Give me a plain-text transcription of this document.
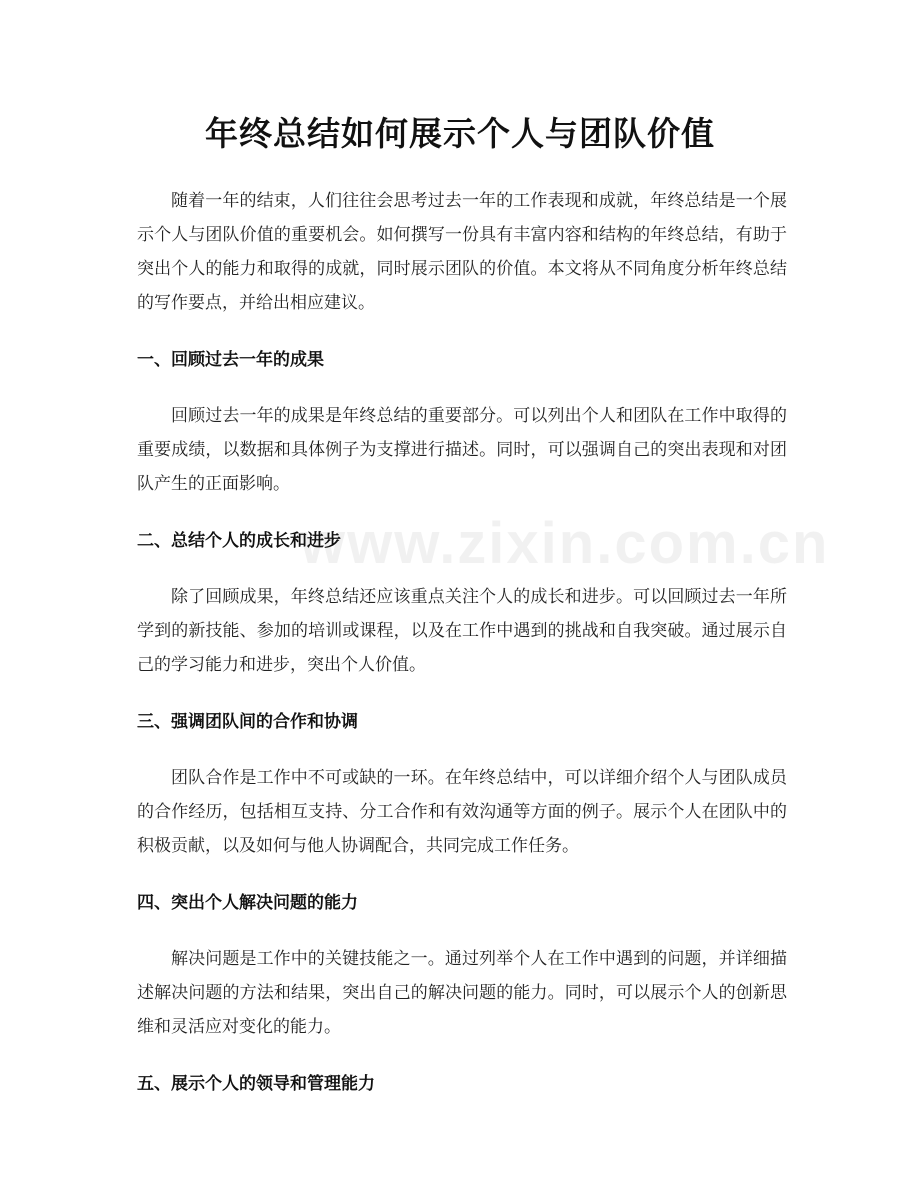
www.zixin.com.cn
年终总结如何展示个人与团队价值

随着一年的结束，人们往往会思考过去一年的工作表现和成就，年终总结是一个展示个人与团队价值的重要机会。如何撰写一份具有丰富内容和结构的年终总结，有助于突出个人的能力和取得的成就，同时展示团队的价值。本文将从不同角度分析年终总结的写作要点，并给出相应建议。

一、回顾过去一年的成果

回顾过去一年的成果是年终总结的重要部分。可以列出个人和团队在工作中取得的重要成绩，以数据和具体例子为支撑进行描述。同时，可以强调自己的突出表现和对团队产生的正面影响。

二、总结个人的成长和进步

除了回顾成果，年终总结还应该重点关注个人的成长和进步。可以回顾过去一年所学到的新技能、参加的培训或课程，以及在工作中遇到的挑战和自我突破。通过展示自己的学习能力和进步，突出个人价值。

三、强调团队间的合作和协调

团队合作是工作中不可或缺的一环。在年终总结中，可以详细介绍个人与团队成员的合作经历，包括相互支持、分工合作和有效沟通等方面的例子。展示个人在团队中的积极贡献，以及如何与他人协调配合，共同完成工作任务。

四、突出个人解决问题的能力

解决问题是工作中的关键技能之一。通过列举个人在工作中遇到的问题，并详细描述解决问题的方法和结果，突出自己的解决问题的能力。同时，可以展示个人的创新思维和灵活应对变化的能力。

五、展示个人的领导和管理能力
